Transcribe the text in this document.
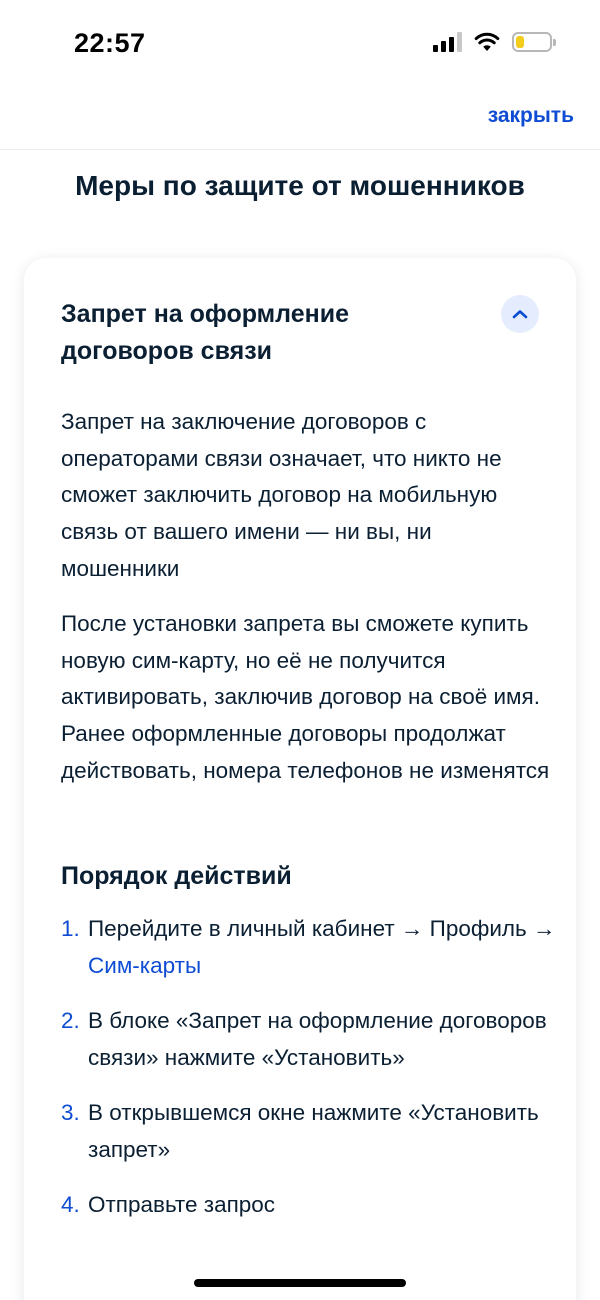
22:57
закрыть
Меры по защите от мошенников
Запрет на оформление договоров связи

Запрет на заключение договоров с операторами связи означает, что никто не сможет заключить договор на мобильную связь от вашего имени — ни вы, ни мошенники

После установки запрета вы сможете купить новую сим-карту, но её не получится активировать, заключив договор на своё имя. Ранее оформленные договоры продолжат действовать, номера телефонов не изменятся

Порядок действий
1. Перейдите в личный кабинет → Профиль → Сим-карты
2. В блоке «Запрет на оформление договоров связи» нажмите «Установить»
3. В открывшемся окне нажмите «Установить запрет»
4. Отправьте запрос
